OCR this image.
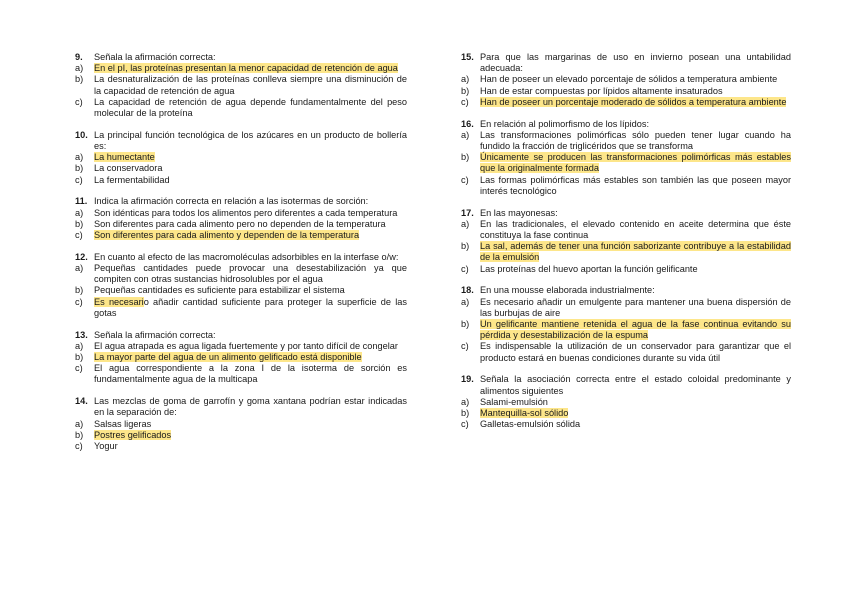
9.	Señala la afirmación correcta:
a)	En el pI, las proteínas presentan la menor capacidad de retención de agua
b)	La desnaturalización de las proteínas conlleva siempre una disminución de la capacidad de retención de agua
c)	La capacidad de retención de agua depende fundamentalmente del peso molecular de la proteína
10. La principal función tecnológica de los azúcares en un producto de bollería es:
a)	La humectante
b)	La conservadora
c)	La fermentabilidad
11. Indica la afirmación correcta en relación a las isotermas de sorción:
a)	Son idénticas para todos los alimentos pero diferentes a cada temperatura
b)	Son diferentes para cada alimento pero no dependen de la temperatura
c)	Son diferentes para cada alimento y dependen de la temperatura
12. En cuanto al efecto de las macromoléculas adsorbibles en la interfase o/w:
a)	Pequeñas cantidades puede provocar una desestabilización ya que compiten con otras sustancias hidrosolubles por el agua
b)	Pequeñas cantidades es suficiente para estabilizar el sistema
c)	Es necesario añadir cantidad suficiente para proteger la superficie de las gotas
13. Señala la afirmación correcta:
a)	El agua atrapada es agua ligada fuertemente y por tanto difícil de congelar
b)	La mayor parte del agua de un alimento gelificado está disponible
c)	El agua correspondiente a la zona I de la isoterma de sorción es fundamentalmente agua de la multicapa
14. Las mezclas de goma de garrofín y goma xantana podrían estar indicadas en la separación de:
a)	Salsas ligeras
b)	Postres gelificados
c)	Yogur
15. Para que las margarinas de uso en invierno posean una untabilidad adecuada:
a)	Han de poseer un elevado porcentaje de sólidos a temperatura ambiente
b)	Han de estar compuestas por lípidos altamente insaturados
c)	Han de poseer un porcentaje moderado de sólidos a temperatura ambiente
16. En relación al polimorfismo de los lípidos:
a)	Las transformaciones polimórficas sólo pueden tener lugar cuando ha fundido la fracción de triglicéridos que se transforma
b)	Únicamente se producen las transformaciones polimórficas más estables que la originalmente formada
c)	Las formas polimórficas más estables son también las que poseen mayor interés tecnológico
17. En las mayonesas:
a)	En las tradicionales, el elevado contenido en aceite determina que éste constituya la fase continua
b)	La sal, además de tener una función saborizante contribuye a la estabilidad de la emulsión
c)	Las proteínas del huevo aportan la función gelificante
18. En una mousse elaborada industrialmente:
a)	Es necesario añadir un emulgente para mantener una buena dispersión de las burbujas de aire
b)	Un gelificante mantiene retenida el agua de la fase continua evitando su pérdida y desestabilización de la espuma
c)	Es indispensable la utilización de un conservador para garantizar que el producto estará en buenas condiciones durante su vida útil
19. Señala la asociación correcta entre el estado coloidal predominante y alimentos siguientes
a)	Salami-emulsión
b)	Mantequilla-sol sólido
c)	Galletas-emulsión sólida
